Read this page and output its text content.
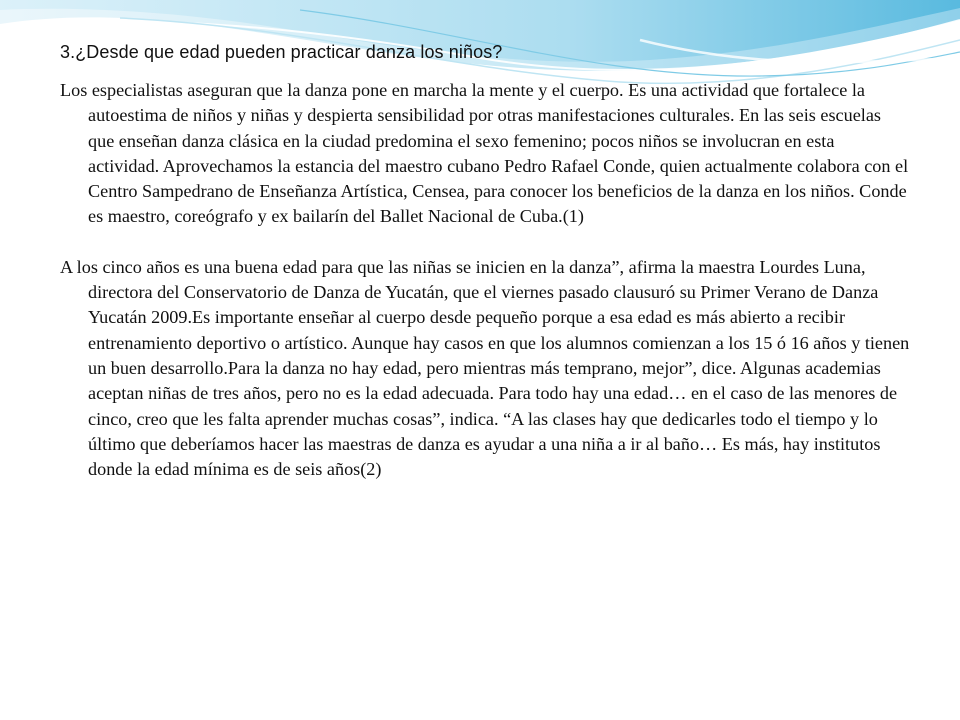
3.¿Desde que edad pueden practicar danza los niños?

Los especialistas aseguran que la danza pone en marcha la mente y el cuerpo. Es una actividad que fortalece la autoestima de niños y niñas y despierta sensibilidad por otras manifestaciones culturales. En las seis escuelas que enseñan danza clásica en la ciudad predomina el sexo femenino; pocos niños se involucran en esta actividad. Aprovechamos la estancia del maestro cubano Pedro Rafael Conde, quien actualmente colabora con el Centro Sampedrano de Enseñanza Artística, Censea, para conocer los beneficios de la danza en los niños. Conde es maestro, coreógrafo y ex bailarín del Ballet Nacional de Cuba.(1)

A los cinco años es una buena edad para que las niñas se inicien en la danza”, afirma la maestra Lourdes Luna, directora del Conservatorio de Danza de Yucatán, que el viernes pasado clausuró su Primer Verano de Danza Yucatán 2009.Es importante enseñar al cuerpo desde pequeño porque a esa edad es más abierto a recibir entrenamiento deportivo o artístico. Aunque hay casos en que los alumnos comienzan a los 15 ó 16 años y tienen un buen desarrollo.Para la danza no hay edad, pero mientras más temprano, mejor”, dice. Algunas academias aceptan niñas de tres años, pero no es la edad adecuada. Para todo hay una edad… en el caso de las menores de cinco, creo que les falta aprender muchas cosas”, indica. “A las clases hay que dedicarles todo el tiempo y lo último que deberíamos hacer las maestras de danza es ayudar a una niña a ir al baño… Es más, hay institutos donde la edad mínima es de seis años(2)
